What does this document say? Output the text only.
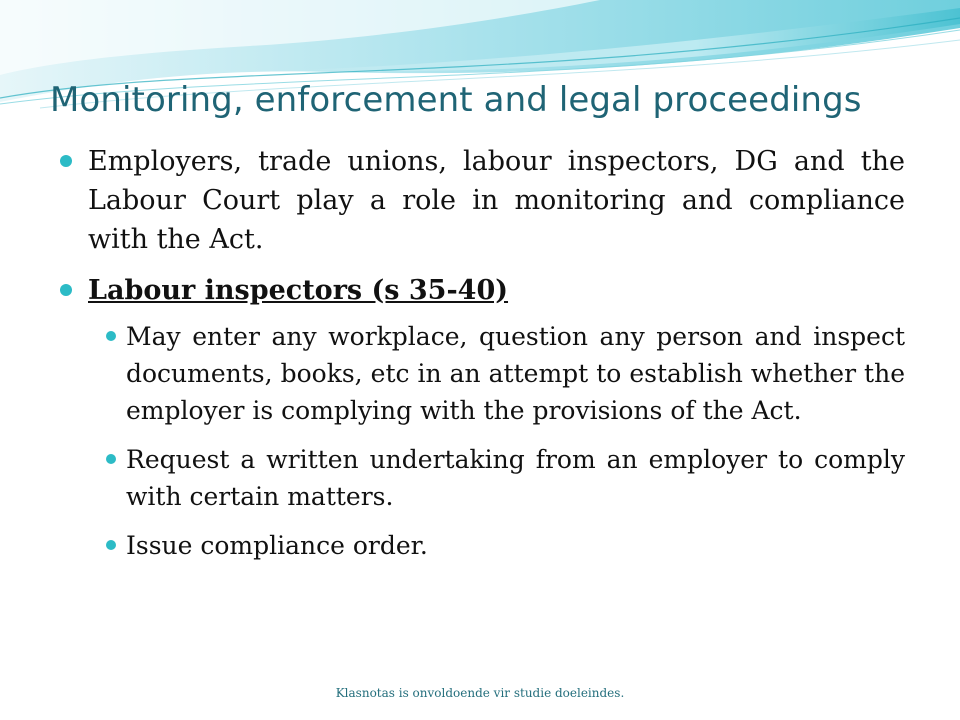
Monitoring, enforcement and legal proceedings
Employers, trade unions, labour inspectors, DG and the Labour Court play a role in monitoring and compliance with the Act.
Labour inspectors (s 35-40)
May enter any workplace, question any person and inspect documents, books, etc in an attempt to establish whether the employer is complying with the provisions of the Act.
Request a written undertaking from an employer to comply with certain matters.
Issue compliance order.
Klasnotas is onvoldoende vir studie doeleindes.
